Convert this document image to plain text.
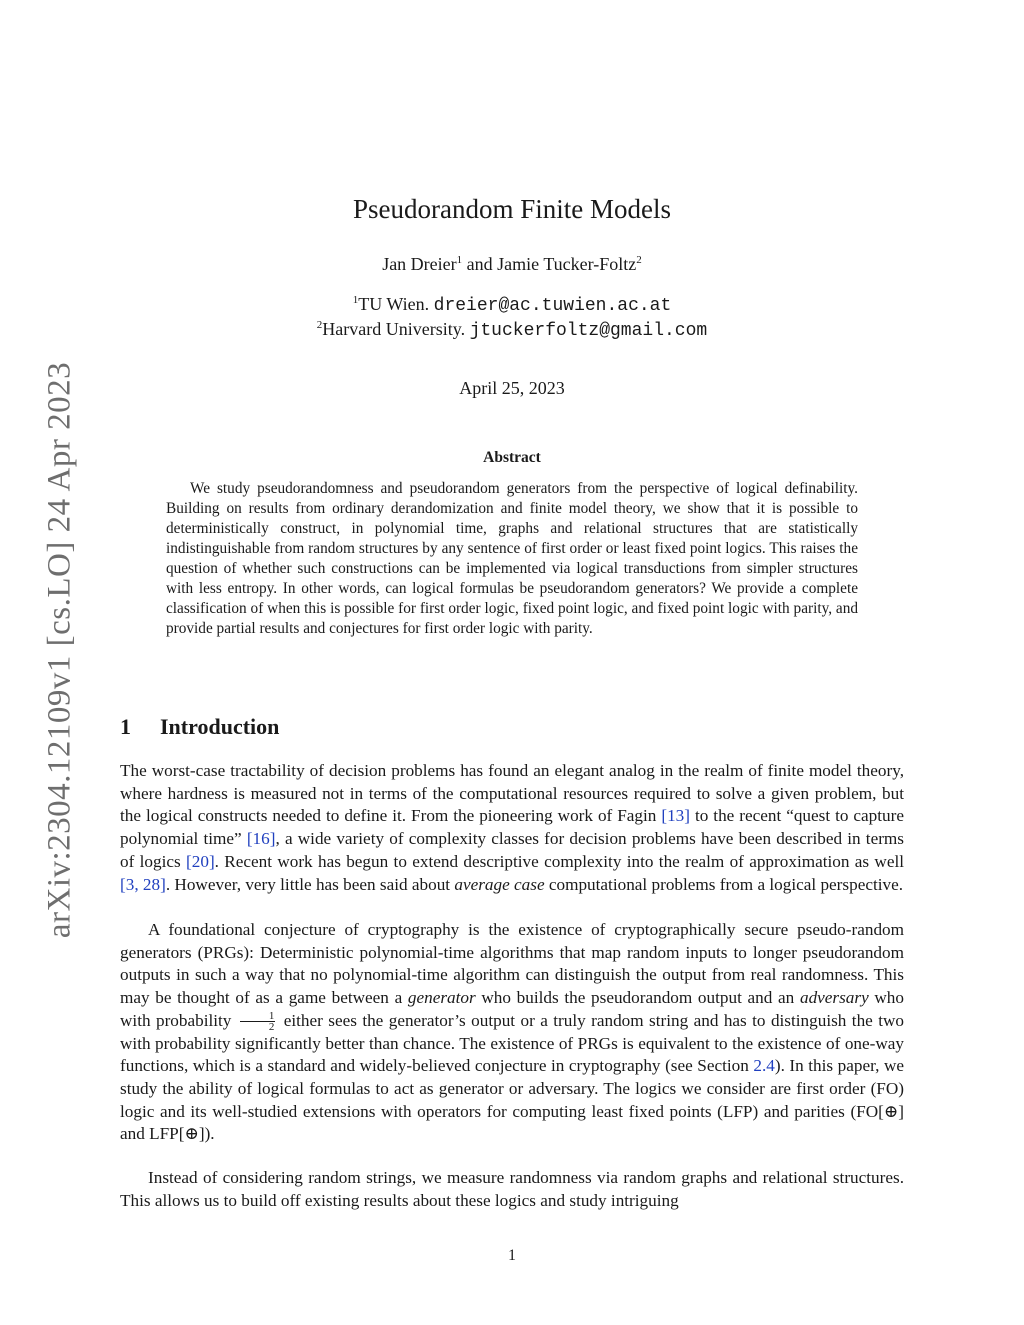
arXiv:2304.12109v1 [cs.LO] 24 Apr 2023
Pseudorandom Finite Models
Jan Dreier$^1$ and Jamie Tucker-Foltz$^2$
$^1$TU Wien. dreier@ac.tuwien.ac.at
$^2$Harvard University. jtuckerfoltz@gmail.com
April 25, 2023
Abstract
We study pseudorandomness and pseudorandom generators from the perspective of logical definability. Building on results from ordinary derandomization and finite model theory, we show that it is possible to deterministically construct, in polynomial time, graphs and relational structures that are statistically indistinguishable from random structures by any sentence of first order or least fixed point logics. This raises the question of whether such constructions can be implemented via logical transductions from simpler structures with less entropy. In other words, can logical formulas be pseudorandom generators? We provide a complete classification of when this is possible for first order logic, fixed point logic, and fixed point logic with parity, and provide partial results and conjectures for first order logic with parity.
1 Introduction
The worst-case tractability of decision problems has found an elegant analog in the realm of finite model theory, where hardness is measured not in terms of the computational resources required to solve a given problem, but the logical constructs needed to define it. From the pioneering work of Fagin [13] to the recent “quest to capture polynomial time” [16], a wide variety of complexity classes for decision problems have been described in terms of logics [20]. Recent work has begun to extend descriptive complexity into the realm of approximation as well [3, 28]. However, very little has been said about average case computational problems from a logical perspective.
A foundational conjecture of cryptography is the existence of cryptographically secure pseudo-random generators (PRGs): Deterministic polynomial-time algorithms that map random inputs to longer pseudorandom outputs in such a way that no polynomial-time algorithm can distinguish the output from real randomness. This may be thought of as a game between a generator who builds the pseudorandom output and an adversary who with probability $\frac{1}{2}$ either sees the generator’s output or a truly random string and has to distinguish the two with probability significantly better than chance. The existence of PRGs is equivalent to the existence of one-way functions, which is a standard and widely-believed conjecture in cryptography (see Section 2.4). In this paper, we study the ability of logical formulas to act as generator or adversary. The logics we consider are first order (FO) logic and its well-studied extensions with operators for computing least fixed points (LFP) and parities (FO[⊕] and LFP[⊕]).
Instead of considering random strings, we measure randomness via random graphs and relational structures. This allows us to build off existing results about these logics and study intriguing
1
